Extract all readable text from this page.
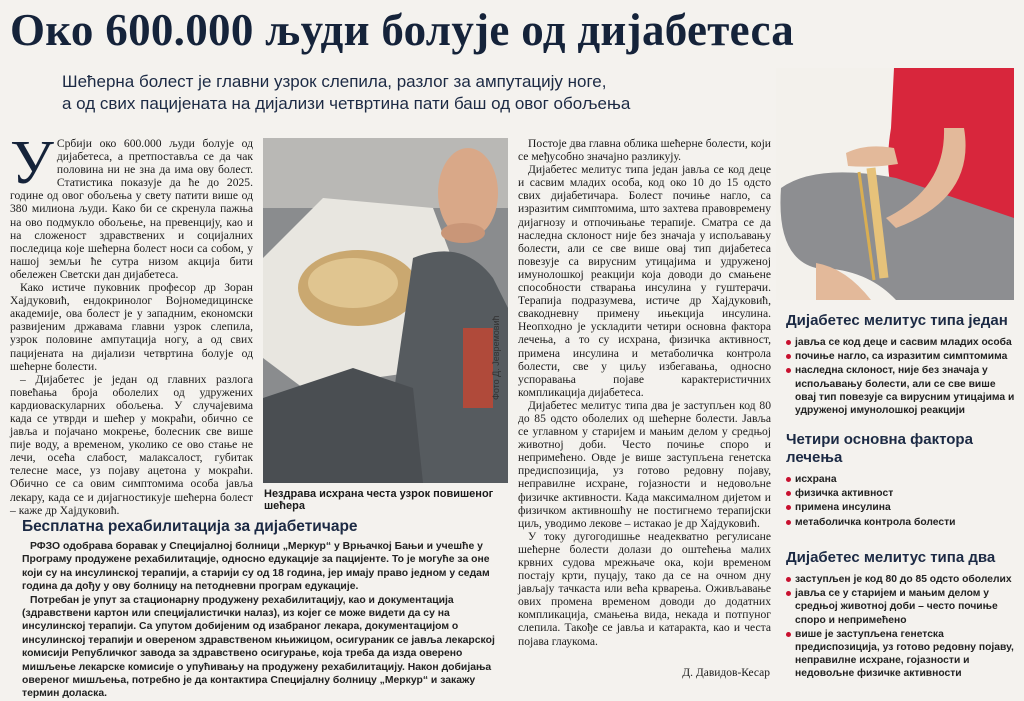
Око 600.000 људи болује од дијабетеса
Шећерна болест је главни узрок слепила, разлог за ампутацију ноге,
а од свих пацијената на дијализи четвртина пати баш од овог обољења
У Србији око 600.000 људи болује од дијабетеса, а претпоставља се да чак половина ни не зна да има ову болест. Статистика показује да ће до 2025. године од овог обољења у свету патити више од 380 милиона људи. Како би се скренула пажња на ово подмукло обољење, на превенцију, као и на сложеност здравствених и социјалних последица које шећерна болест носи са собом, у нашој земљи ће сутра низом акција бити обележен Светски дан дијабетеса.

Како истиче пуковник професор др Зоран Хајдуковић, ендокринолог Војномедицинске академије, ова болест је у западним, економски развијеним државама главни узрок слепила, узрок половине ампутација ногу, а од свих пацијената на дијализи четвртина болује од шећерне болести.

– Дијабетес је један од главних разлога повећања броја оболелих од удружених кардиоваскуларних обољења. У случајевима када се утврди и шећер у мокраћи, обично се јавља и појачано мокрење, болесник све више пије воду, а временом, уколико се ово стање не лечи, осећа слабост, малаксалост, губитак телесне масе, уз појаву ацетона у мокраћи. Обично се са овим симптомима особа јавља лекару, када се и дијагностикује шећерна болест – каже др Хајдуковић.

Фото Д. Јевремовић
Нездрава исхрана честа узрок повишеног шећера

Постоје два главна облика шећерне болести, који се међусобно значајно разликују.

Дијабетес мелитус типа један јавља се код деце и сасвим младих особа, код око 10 до 15 одсто свих дијабетичара. Болест почиње нагло, са изразитим симптомима, што захтева правовремену дијагнозу и отпочињање терапије. Сматра се да наследна склоност није без значаја у испољавању болести, али се све више овај тип дијабетеса повезује са вирусним утицајима и удруженој имунолошкој реакцији која доводи до смањене способности стварања инсулина у гуштерачи. Терапија подразумева, истиче др Хајдуковић, свакодневну примену ињекција инсулина. Неопходно је ускладити четири основна фактора лечења, а то су исхрана, физичка активност, примена инсулина и метаболичка контрола болести, све у циљу избегавања, односно успоравања појаве карактеристичних компликација дијабетеса.

Дијабетес мелитус типа два је заступљен код 80 до 85 одсто оболелих од шећерне болести. Јавља се углавном у старијем и мањим делом у средњој животној доби. Често почиње споро и непримећено. Овде је више заступљена генетска предиспозиција, уз готово редовну појаву, неправилне исхране, гојазности и недовољне физичке активности. Када максималном дијетом и физичком активношћу не постигнемо терапијски циљ, уводимо лекове – истакао је др Хајдуковић.

У току дугогодишње неадекватно регулисане шећерне болести долази до оштећења малих крвних судова мрежњаче ока, који временом постају крти, пуцају, тако да се на очном дну јављају тачкаста или већа крварења. Оживљавање ових промена временом доводи до додатних компликација, смањења вида, некада и потпуног слепила. Такође се јавља и катаракта, као и честа појава глаукома.

Д. Давидов-Кесар
Бесплатна рехабилитација за дијабетичаре

РФЗО одобрава боравак у Специјалној болници „Меркур“ у Врњачкој Бањи и учешће у Програму продужене рехабилитације, односно едукације за пацијенте. То је могуће за оне који су на инсулинској терапији, а старији су од 18 година, јер имају право једном у седам година да дођу у ову болницу на петодневни програм едукације.

Потребан је упут за стационарну продужену рехабилитацију, као и документација (здравствени картон или специјалистички налаз), из којег се може видети да су на инсулинској терапији. Са упутом добијеним од изабраног лекара, документацијом о инсулинској терапији и овереном здравственом књижицом, осигураник се јавља лекарској комисији Републичког завода за здравствено осигурање, која треба да изда оверено мишљење лекарске комисије о упућивању на продужену рехабилитацију. Након добијања овереног мишљења, потребно је да контактира Специјалну болницу „Меркур“ и закажу термин доласка.

Дијабетес мелитус типа један
јавља се код деце и сасвим младих особа
почиње нагло, са изразитим симптомима
наследна склоност, није без значаја у испољавању болести, али се све више овај тип повезује са вирусним утицајима и удруженој имунолошкој реакцији
Четири основна фактора лечења
исхрана
физичка активност
примена инсулина
метаболичка контрола болести
Дијабетес мелитус типа два
заступљен је код 80 до 85 одсто оболелих
јавља се у старијем и мањим делом у средњој животној доби – често почиње споро и непримећено
више је заступљена генетска предиспозиција, уз готово редовну појаву, неправилне исхране, гојазности и недовољне физичке активности
